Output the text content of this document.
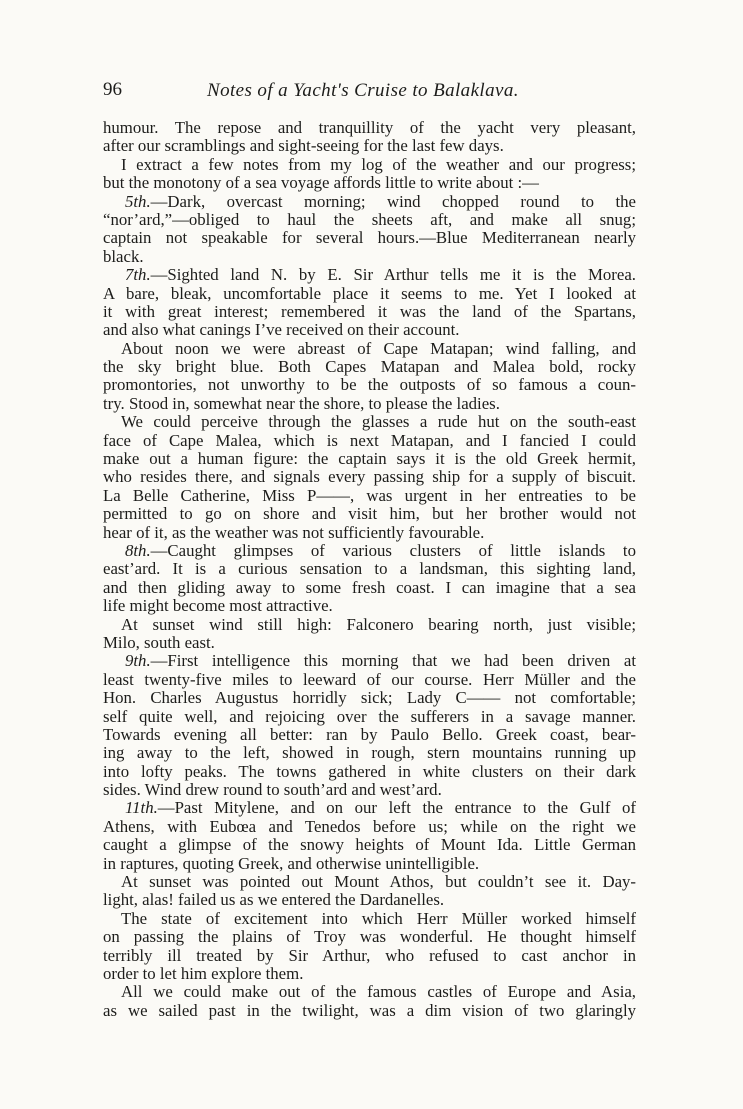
96	Notes of a Yacht's Cruise to Balaklava.
humour. The repose and tranquillity of the yacht very pleasant,
after our scramblings and sight-seeing for the last few days.
I extract a few notes from my log of the weather and our progress;
but the monotony of a sea voyage affords little to write about :—
5th.—Dark, overcast morning; wind chopped round to the
“nor’ard,”—obliged to haul the sheets aft, and make all snug;
captain not speakable for several hours.—Blue Mediterranean nearly
black.
7th.—Sighted land N. by E. Sir Arthur tells me it is the Morea.
A bare, bleak, uncomfortable place it seems to me. Yet I looked at
it with great interest; remembered it was the land of the Spartans,
and also what canings I’ve received on their account.
About noon we were abreast of Cape Matapan; wind falling, and
the sky bright blue. Both Capes Matapan and Malea bold, rocky
promontories, not unworthy to be the outposts of so famous a coun-
try. Stood in, somewhat near the shore, to please the ladies.
We could perceive through the glasses a rude hut on the south-east
face of Cape Malea, which is next Matapan, and I fancied I could
make out a human figure: the captain says it is the old Greek hermit,
who resides there, and signals every passing ship for a supply of biscuit.
La Belle Catherine, Miss P——, was urgent in her entreaties to be
permitted to go on shore and visit him, but her brother would not
hear of it, as the weather was not sufficiently favourable.
8th.—Caught glimpses of various clusters of little islands to
east’ard. It is a curious sensation to a landsman, this sighting land,
and then gliding away to some fresh coast. I can imagine that a sea
life might become most attractive.
At sunset wind still high: Falconero bearing north, just visible;
Milo, south east.
9th.—First intelligence this morning that we had been driven at
least twenty-five miles to leeward of our course. Herr Müller and the
Hon. Charles Augustus horridly sick; Lady C—— not comfortable;
self quite well, and rejoicing over the sufferers in a savage manner.
Towards evening all better: ran by Paulo Bello. Greek coast, bear-
ing away to the left, showed in rough, stern mountains running up
into lofty peaks. The towns gathered in white clusters on their dark
sides. Wind drew round to south’ard and west’ard.
11th.—Past Mitylene, and on our left the entrance to the Gulf of
Athens, with Eubœa and Tenedos before us; while on the right we
caught a glimpse of the snowy heights of Mount Ida. Little German
in raptures, quoting Greek, and otherwise unintelligible.
At sunset was pointed out Mount Athos, but couldn’t see it. Day-
light, alas! failed us as we entered the Dardanelles.
The state of excitement into which Herr Müller worked himself
on passing the plains of Troy was wonderful. He thought himself
terribly ill treated by Sir Arthur, who refused to cast anchor in
order to let him explore them.
All we could make out of the famous castles of Europe and Asia,
as we sailed past in the twilight, was a dim vision of two glaringly
